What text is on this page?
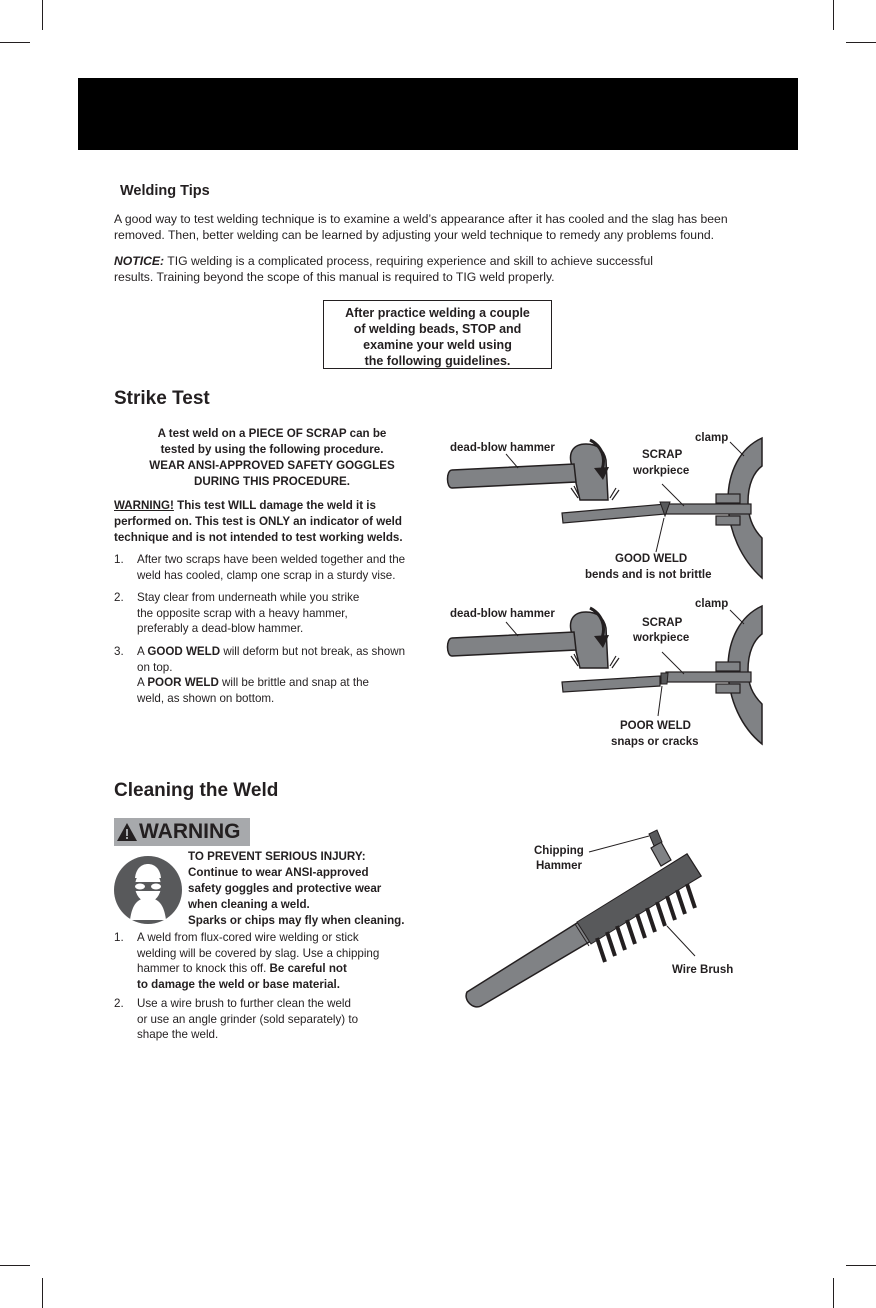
Welding Tips
A good way to test welding technique is to examine a weld’s appearance after it has cooled and the slag has been
removed. Then, better welding can be learned by adjusting your weld technique to remedy any problems found.
NOTICE: TIG welding is a complicated process, requiring experience and skill to achieve successful
results. Training beyond the scope of this manual is required to TIG weld properly.
After practice welding a couple
of welding beads, STOP and
examine your weld using
the following guidelines.
Strike Test
A test weld on a PIECE OF SCRAP can be
tested by using the following procedure.
WEAR ANSI-APPROVED SAFETY GOGGLES
DURING THIS PROCEDURE.
WARNING! This test WILL damage the weld it is
performed on. This test is ONLY an indicator of weld
technique and is not intended to test working welds.
1. After two scraps have been welded together and the
weld has cooled, clamp one scrap in a sturdy vise.
2. Stay clear from underneath while you strike
the opposite scrap with a heavy hammer,
preferably a dead-blow hammer.
3. A GOOD WELD will deform but not break, as shown
on top.
A POOR WELD will be brittle and snap at the
weld, as shown on bottom.
dead-blow hammer
clamp
SCRAP
workpiece
GOOD WELD
bends and is not brittle
dead-blow hammer
clamp
SCRAP
workpiece
POOR WELD
snaps or cracks
Cleaning the Weld
WARNING
TO PREVENT SERIOUS INJURY:
Continue to wear ANSI-approved
safety goggles and protective wear
when cleaning a weld.
Sparks or chips may fly when cleaning.
1. A weld from flux-cored wire welding or stick
welding will be covered by slag. Use a chipping
hammer to knock this off. Be careful not
to damage the weld or base material.
2. Use a wire brush to further clean the weld
or use an angle grinder (sold separately) to
shape the weld.
Chipping
Hammer
Wire Brush
